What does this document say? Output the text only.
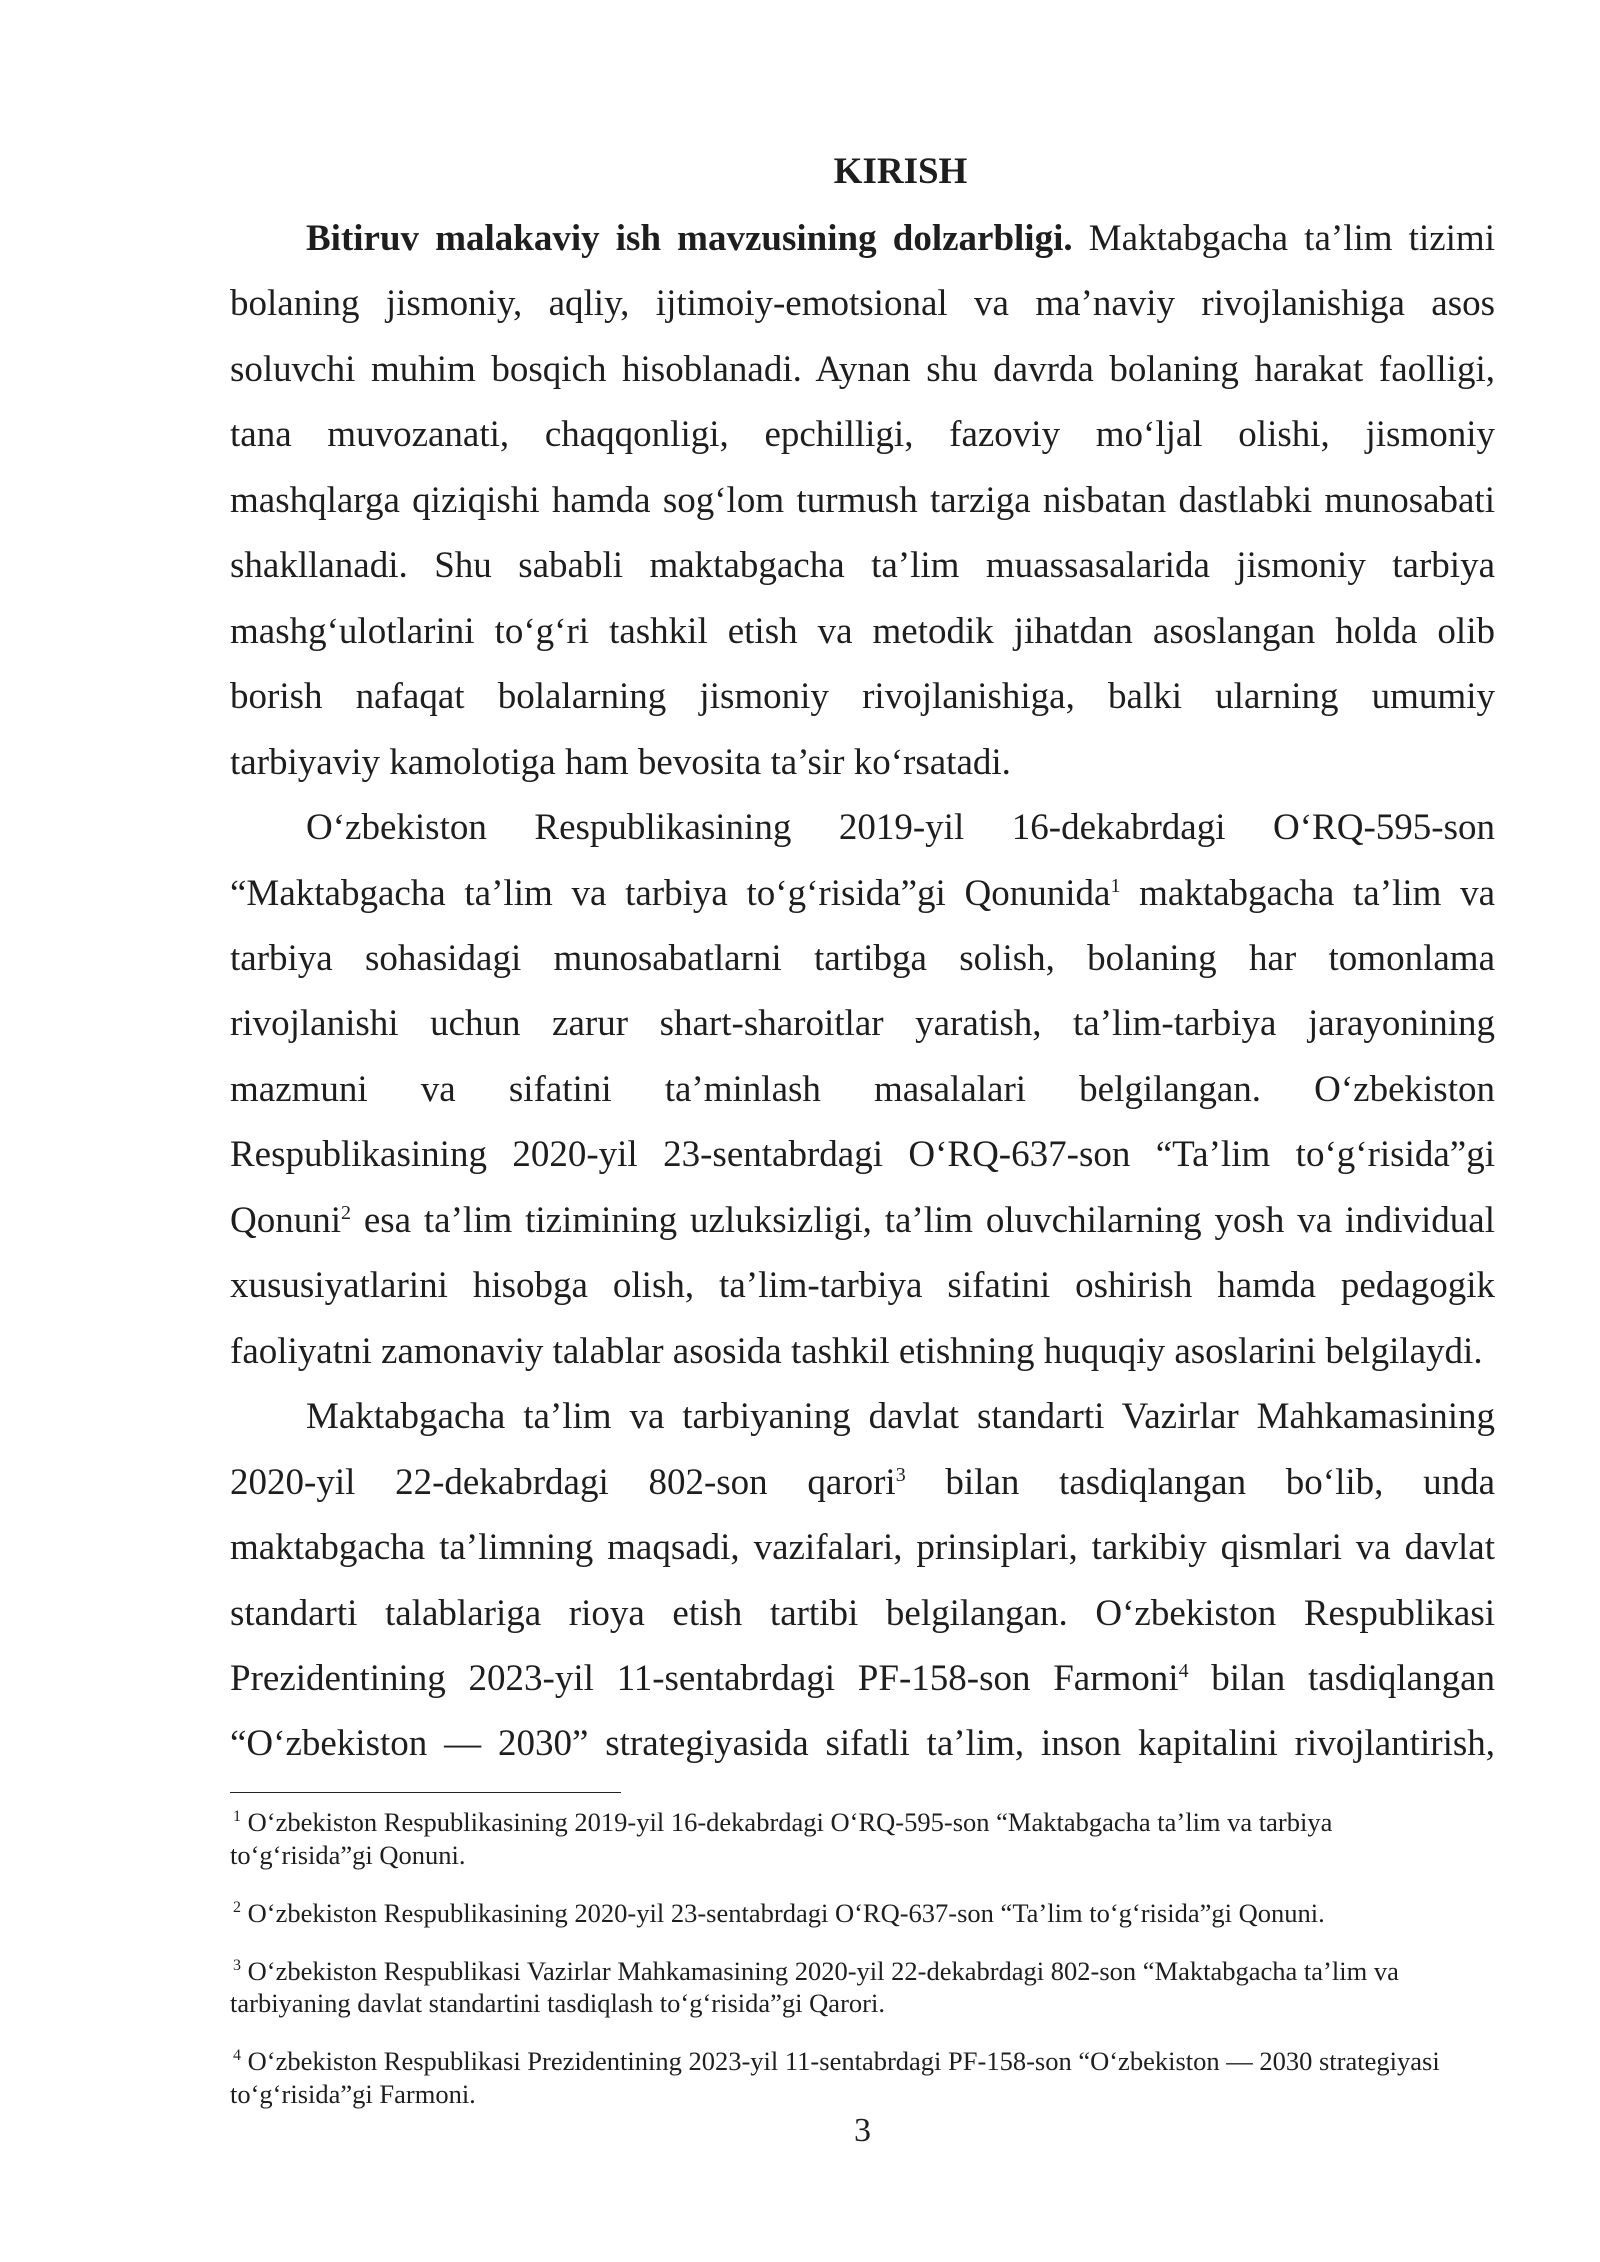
KIRISH
Bitiruv malakaviy ish mavzusining dolzarbligi. Maktabgacha ta’lim tizimi
bolaning jismoniy, aqliy, ijtimoiy-emotsional va ma’naviy rivojlanishiga asos
soluvchi muhim bosqich hisoblanadi. Aynan shu davrda bolaning harakat faolligi,
tana muvozanati, chaqqonligi, epchilligi, fazoviy mo‘ljal olishi, jismoniy
mashqlarga qiziqishi hamda sog‘lom turmush tarziga nisbatan dastlabki munosabati
shakllanadi. Shu sababli maktabgacha ta’lim muassasalarida jismoniy tarbiya
mashg‘ulotlarini to‘g‘ri tashkil etish va metodik jihatdan asoslangan holda olib
borish nafaqat bolalarning jismoniy rivojlanishiga, balki ularning umumiy
tarbiyaviy kamolotiga ham bevosita ta’sir ko‘rsatadi.
O‘zbekiston Respublikasining 2019-yil 16-dekabrdagi O‘RQ-595-son
“Maktabgacha ta’lim va tarbiya to‘g‘risida”gi Qonunida$^1$ maktabgacha ta’lim va
tarbiya sohasidagi munosabatlarni tartibga solish, bolaning har tomonlama
rivojlanishi uchun zarur shart-sharoitlar yaratish, ta’lim-tarbiya jarayonining
mazmuni va sifatini ta’minlash masalalari belgilangan. O‘zbekiston
Respublikasining 2020-yil 23-sentabrdagi O‘RQ-637-son “Ta’lim to‘g‘risida”gi
Qonuni$^2$ esa ta’lim tizimining uzluksizligi, ta’lim oluvchilarning yosh va individual
xususiyatlarini hisobga olish, ta’lim-tarbiya sifatini oshirish hamda pedagogik
faoliyatni zamonaviy talablar asosida tashkil etishning huquqiy asoslarini belgilaydi.
Maktabgacha ta’lim va tarbiyaning davlat standarti Vazirlar Mahkamasining
2020-yil 22-dekabrdagi 802-son qarori$^3$ bilan tasdiqlangan bo‘lib, unda
maktabgacha ta’limning maqsadi, vazifalari, prinsiplari, tarkibiy qismlari va davlat
standarti talablariga rioya etish tartibi belgilangan. O‘zbekiston Respublikasi
Prezidentining 2023-yil 11-sentabrdagi PF-158-son Farmoni$^4$ bilan tasdiqlangan
“O‘zbekiston — 2030” strategiyasida sifatli ta’lim, inson kapitalini rivojlantirish,
$^1$ O‘zbekiston Respublikasining 2019-yil 16-dekabrdagi O‘RQ-595-son “Maktabgacha ta’lim va tarbiya
to‘g‘risida”gi Qonuni.
$^2$ O‘zbekiston Respublikasining 2020-yil 23-sentabrdagi O‘RQ-637-son “Ta’lim to‘g‘risida”gi Qonuni.
$^3$ O‘zbekiston Respublikasi Vazirlar Mahkamasining 2020-yil 22-dekabrdagi 802-son “Maktabgacha ta’lim va
tarbiyaning davlat standartini tasdiqlash to‘g‘risida”gi Qarori.
$^4$ O‘zbekiston Respublikasi Prezidentining 2023-yil 11-sentabrdagi PF-158-son “O‘zbekiston — 2030 strategiyasi
to‘g‘risida”gi Farmoni.
3
